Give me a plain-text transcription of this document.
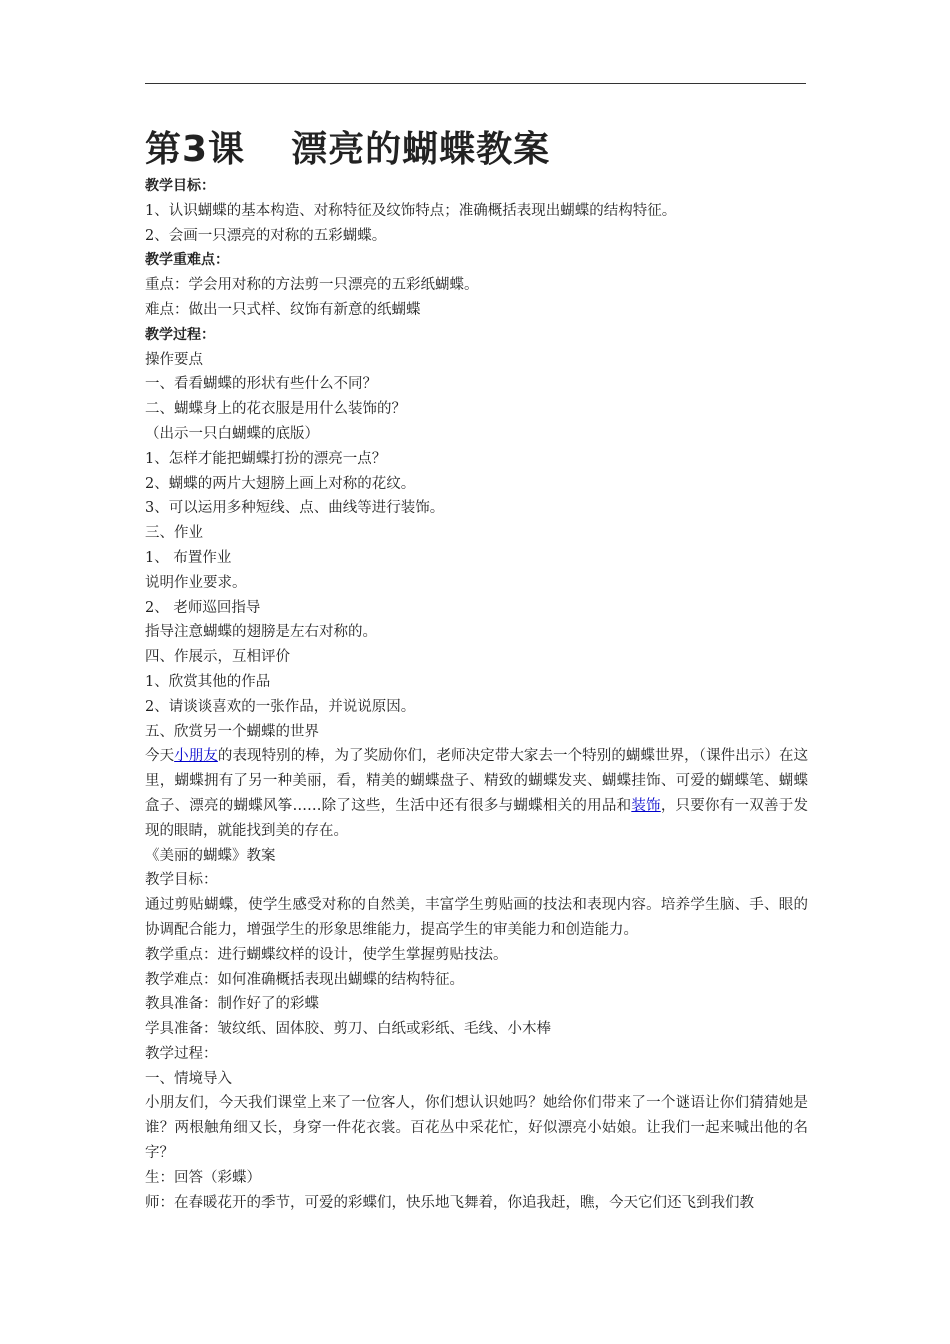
第3课 漂亮的蝴蝶教案

教学目标：

1、认识蝴蝶的基本构造、对称特征及纹饰特点；准确概括表现出蝴蝶的结构特征。

2、会画一只漂亮的对称的五彩蝴蝶。

教学重难点：

重点：学会用对称的方法剪一只漂亮的五彩纸蝴蝶。

难点：做出一只式样、纹饰有新意的纸蝴蝶

教学过程：

操作要点

一、看看蝴蝶的形状有些什么不同？

二、蝴蝶身上的花衣服是用什么装饰的？

（出示一只白蝴蝶的底版）

1、怎样才能把蝴蝶打扮的漂亮一点？

2、蝴蝶的两片大翅膀上画上对称的花纹。

3、可以运用多种短线、点、曲线等进行装饰。

三、作业

1、 布置作业

说明作业要求。

2、 老师巡回指导

指导注意蝴蝶的翅膀是左右对称的。

四、作展示，互相评价

1、欣赏其他的作品

2、请谈谈喜欢的一张作品，并说说原因。

五、欣赏另一个蝴蝶的世界

今天小朋友的表现特别的棒，为了奖励你们，老师决定带大家去一个特别的蝴蝶世界，（课件出示）在这里，蝴蝶拥有了另一种美丽，看，精美的蝴蝶盘子、精致的蝴蝶发夹、蝴蝶挂饰、可爱的蝴蝶笔、蝴蝶盒子、漂亮的蝴蝶风筝……除了这些，生活中还有很多与蝴蝶相关的用品和装饰，只要你有一双善于发现的眼睛，就能找到美的存在。

《美丽的蝴蝶》教案

教学目标：

通过剪贴蝴蝶，使学生感受对称的自然美，丰富学生剪贴画的技法和表现内容。培养学生脑、手、眼的协调配合能力，增强学生的形象思维能力，提高学生的审美能力和创造能力。

教学重点：进行蝴蝶纹样的设计，使学生掌握剪贴技法。

教学难点：如何准确概括表现出蝴蝶的结构特征。

教具准备：制作好了的彩蝶

学具准备：皱纹纸、固体胶、剪刀、白纸或彩纸、毛线、小木棒

教学过程：

一、情境导入

小朋友们，今天我们课堂上来了一位客人，你们想认识她吗？她给你们带来了一个谜语让你们猜猜她是谁？两根触角细又长，身穿一件花衣裳。百花丛中采花忙，好似漂亮小姑娘。让我们一起来喊出他的名字？

生：回答（彩蝶）

师：在春暖花开的季节，可爱的彩蝶们，快乐地飞舞着，你追我赶，瞧，今天它们还飞到我们教
